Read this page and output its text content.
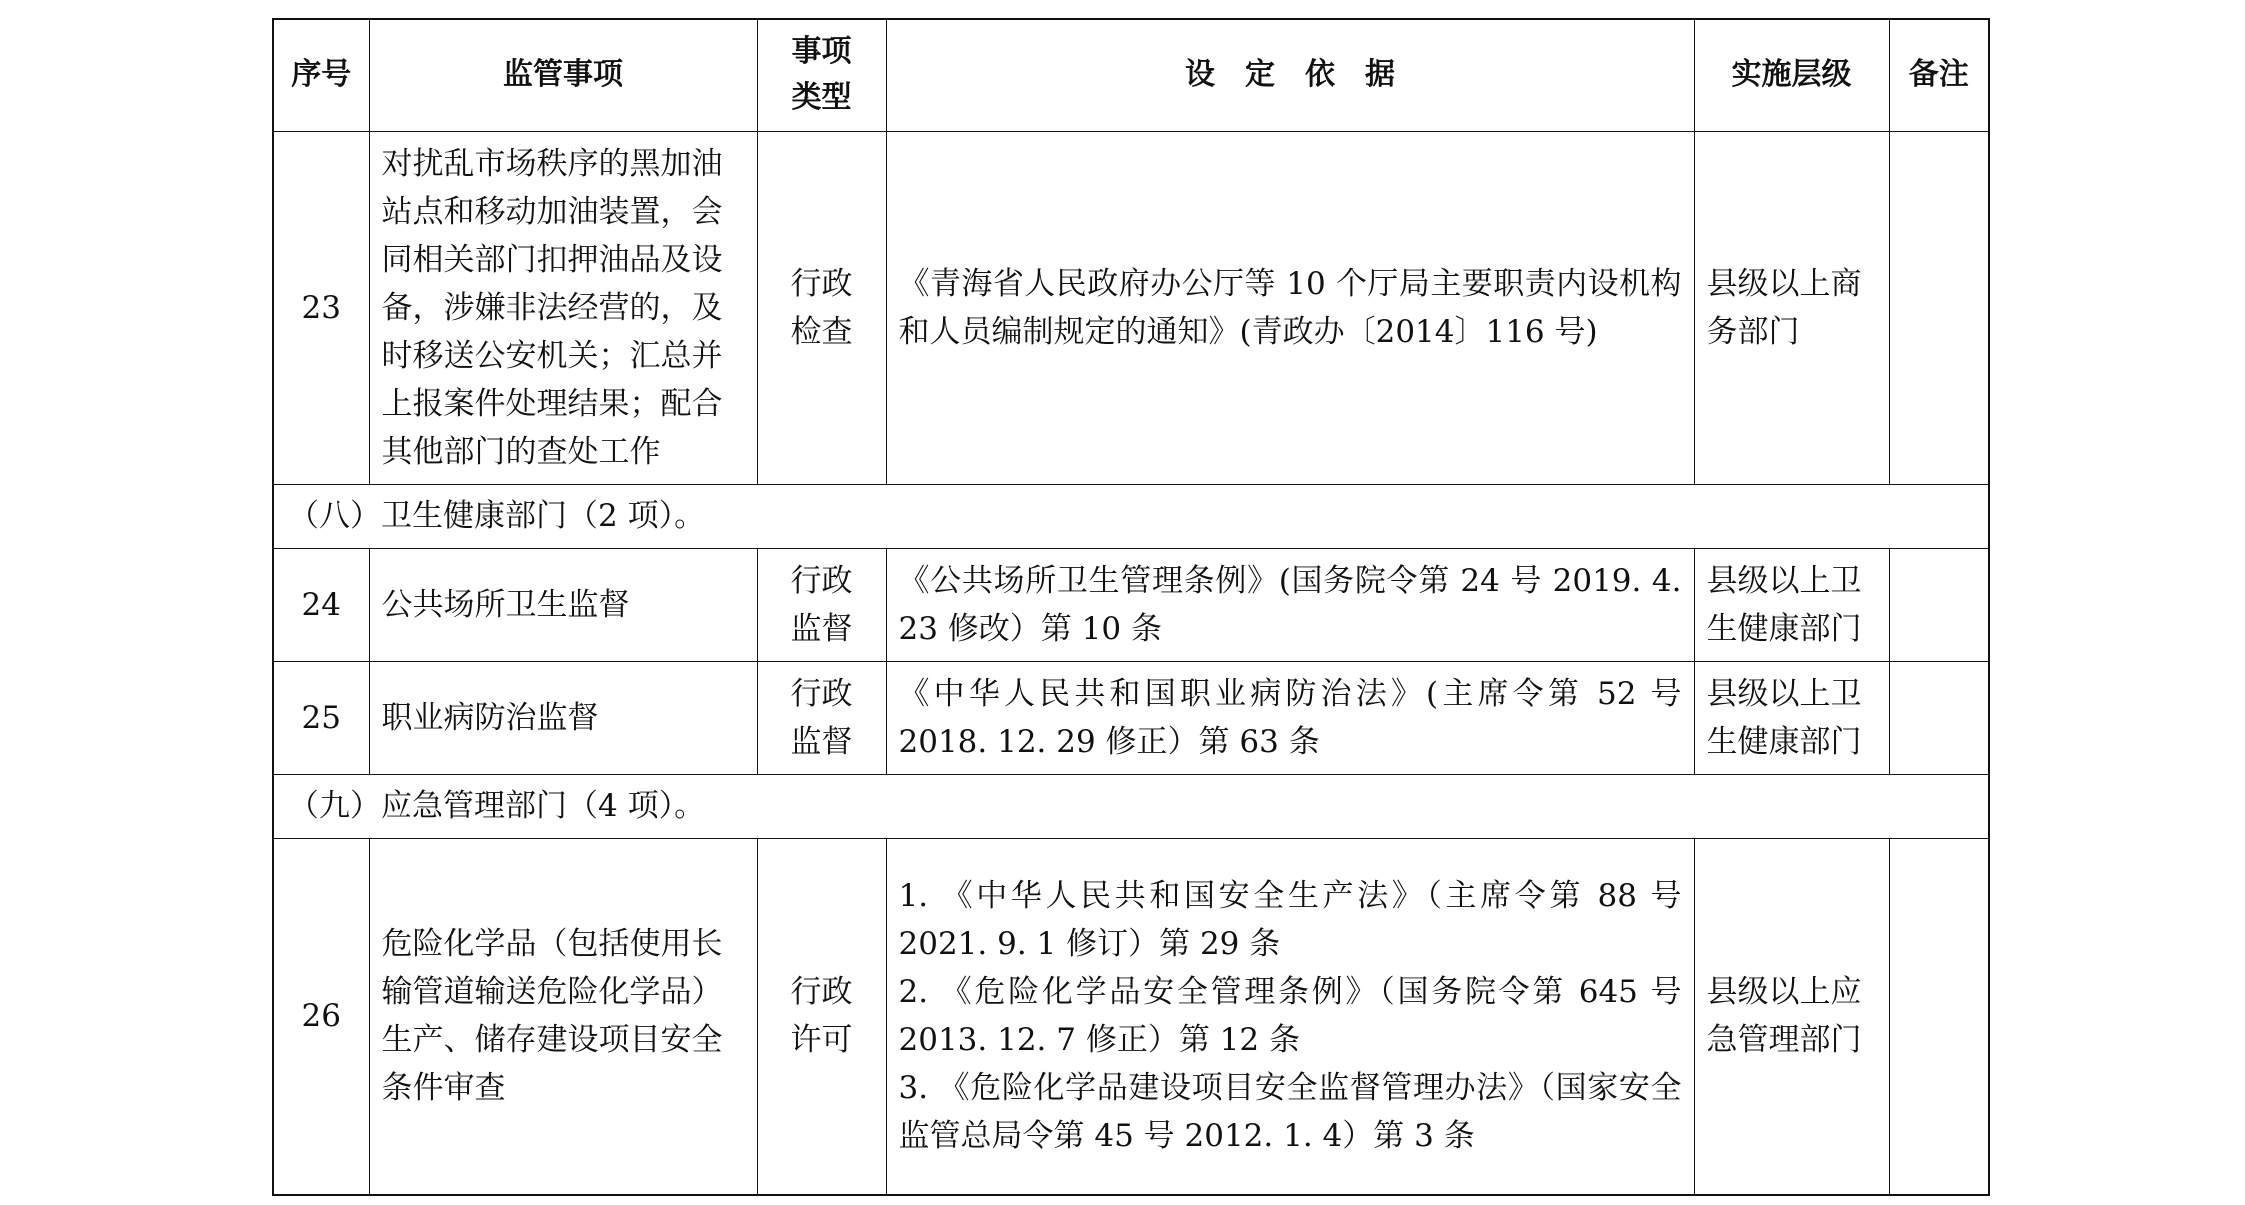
序号	监管事项	事项类型	设　定　依　据	实施层级	备注
23	对扰乱市场秩序的黑加油站点和移动加油装置，会同相关部门扣押油品及设备，涉嫌非法经营的，及时移送公安机关；汇总并上报案件处理结果；配合其他部门的查处工作	行政检查	《青海省人民政府办公厅等 10 个厅局主要职责内设机构和人员编制规定的通知》(青政办〔2014〕116 号)	县级以上商务部门	
（八）卫生健康部门（2 项）。					
24	公共场所卫生监督	行政监督	《公共场所卫生管理条例》(国务院令第 24 号 2019. 4. 23 修改）第 10 条	县级以上卫生健康部门	
25	职业病防治监督	行政监督	《中华人民共和国职业病防治法》(主席令第 52 号 2018. 12. 29 修正）第 63 条	县级以上卫生健康部门	
（九）应急管理部门（4 项）。					
26	危险化学品（包括使用长输管道输送危险化学品）生产、储存建设项目安全条件审查	行政许可	1. 《中华人民共和国安全生产法》（主席令第 88 号 2021. 9. 1 修订）第 29 条
2. 《危险化学品安全管理条例》（国务院令第 645 号 2013. 12. 7 修正）第 12 条
3. 《危险化学品建设项目安全监督管理办法》（国家安全监管总局令第 45 号 2012. 1. 4）第 3 条	县级以上应急管理部门	
